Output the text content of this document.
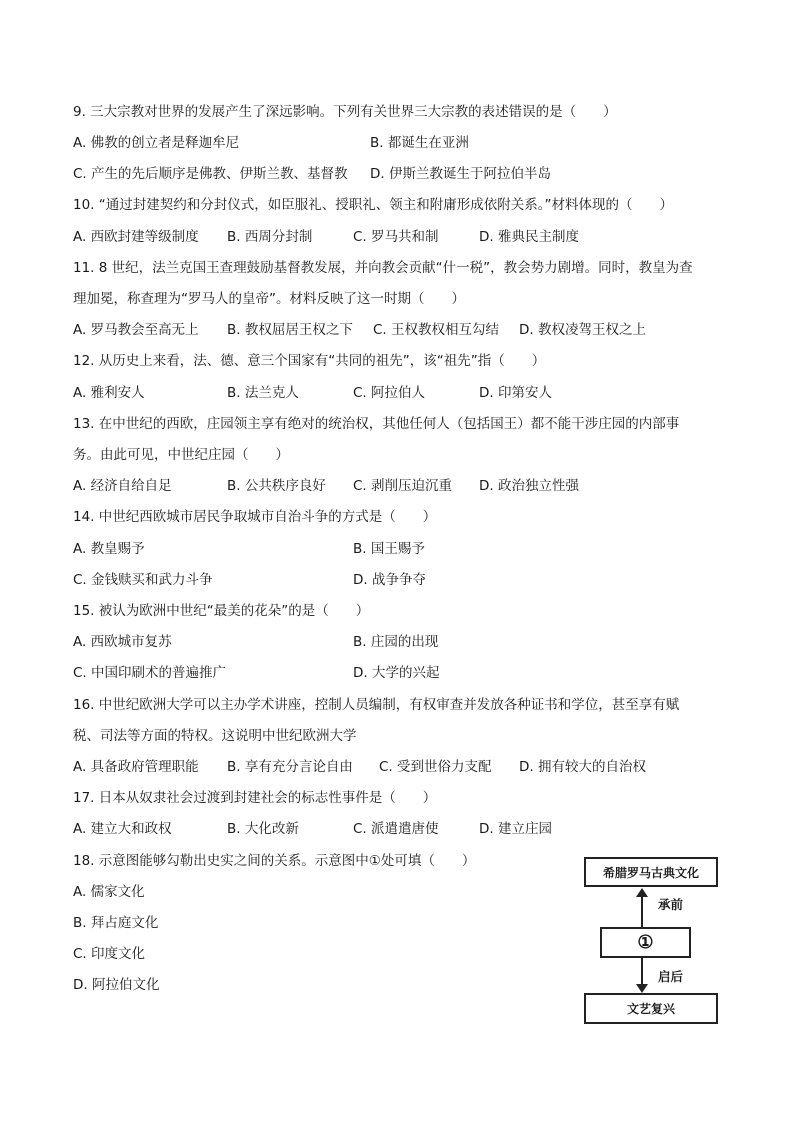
9. 三大宗教对世界的发展产生了深远影响。下列有关世界三大宗教的表述错误的是（　　）
A. 佛教的创立者是释迦牟尼	B. 都诞生在亚洲
C. 产生的先后顺序是佛教、伊斯兰教、基督教 D. 伊斯兰教诞生于阿拉伯半岛
10. “通过封建契约和分封仪式，如臣服礼、授职礼、领主和附庸形成依附关系。”材料体现的（　　）
A. 西欧封建等级制度 B. 西周分封制	C. 罗马共和制	D. 雅典民主制度
11. 8 世纪，法兰克国王查理鼓励基督教发展，并向教会贡献“什一税”，教会势力剧增。同时，教皇为查
理加冕，称查理为“罗马人的皇帝”。材料反映了这一时期（　　）
A. 罗马教会至高无上 B. 教权屈居王权之下 C. 王权教权相互勾结 D. 教权凌驾王权之上
12. 从历史上来看，法、德、意三个国家有“共同的祖先”，该“祖先”指（　　）
A. 雅利安人	B. 法兰克人	C. 阿拉伯人	D. 印第安人
13. 在中世纪的西欧，庄园领主享有绝对的统治权，其他任何人（包括国王）都不能干涉庄园的内部事
务。由此可见，中世纪庄园（　　）
A. 经济自给自足	B. 公共秩序良好 C. 剥削压迫沉重 D. 政治独立性强
14. 中世纪西欧城市居民争取城市自治斗争的方式是（　　）
A. 教皇赐予	B. 国王赐予
C. 金钱赎买和武力斗争	D. 战争争夺
15. 被认为欧洲中世纪“最美的花朵”的是（　　）
A. 西欧城市复苏	B. 庄园的出现
C. 中国印刷术的普遍推广	D. 大学的兴起
16. 中世纪欧洲大学可以主办学术讲座，控制人员编制，有权审查并发放各种证书和学位，甚至享有赋
税、司法等方面的特权。这说明中世纪欧洲大学
A. 具备政府管理职能 B. 享有充分言论自由 C. 受到世俗力支配 D. 拥有较大的自治权
17. 日本从奴隶社会过渡到封建社会的标志性事件是（　　）
A. 建立大和政权	B. 大化改新	C. 派遣遣唐使	D. 建立庄园
18. 示意图能够勾勒出史实之间的关系。示意图中①处可填（　　）
A. 儒家文化
B. 拜占庭文化
C. 印度文化
D. 阿拉伯文化
希腊罗马古典文化
承前
①
启后
文艺复兴
